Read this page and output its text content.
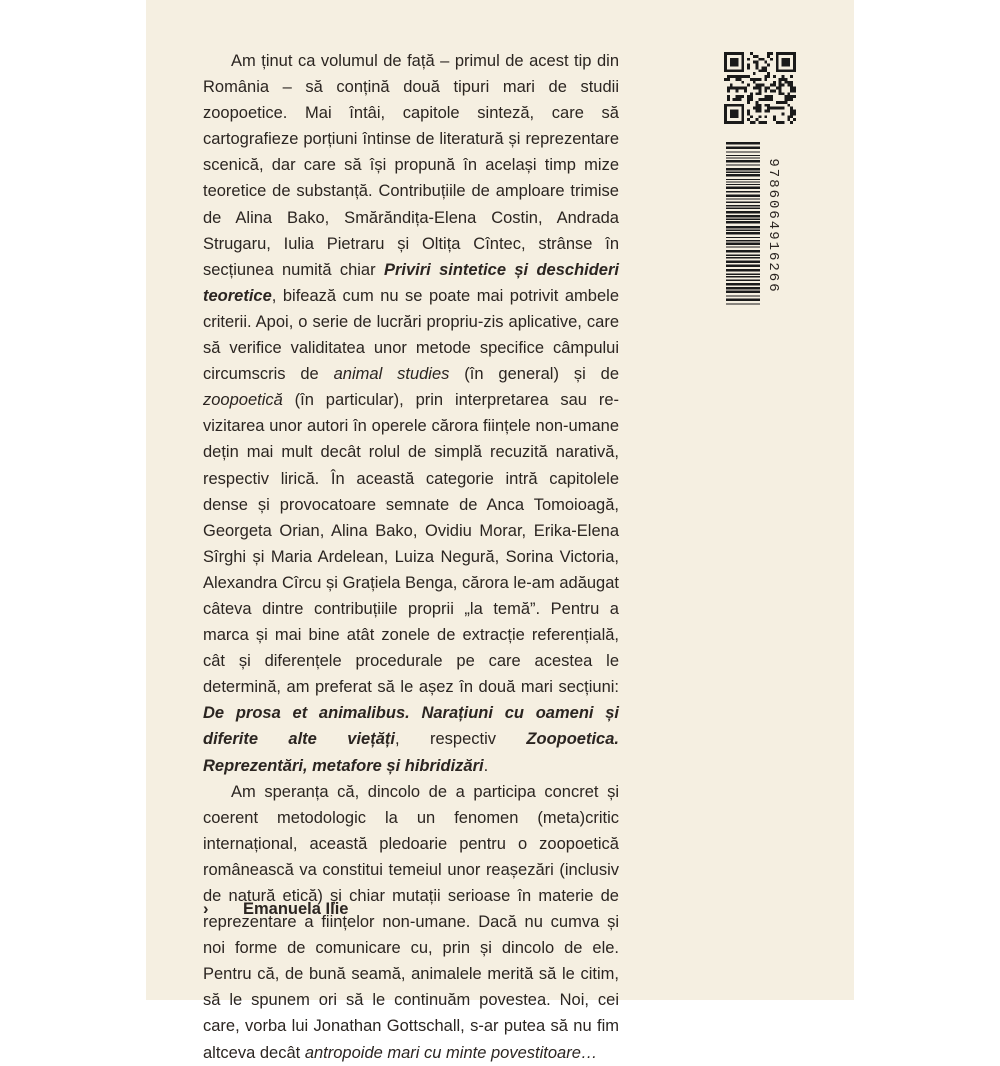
Am ținut ca volumul de față – primul de acest tip din România – să conțină două tipuri mari de studii zoopoetice. Mai întâi, capitole sinteză, care să cartografieze porțiuni întinse de literatură și reprezentare scenică, dar care să își propună în același timp mize teoretice de substanță. Contribuțiile de amploare trimise de Alina Bako, Smărăndița-Elena Costin, Andrada Strugaru, Iulia Pietraru și Oltița Cîntec, strânse în secțiunea numită chiar Priviri sintetice și deschideri teoretice, bifează cum nu se poate mai potrivit ambele criterii. Apoi, o serie de lucrări propriu-zis aplicative, care să verifice validitatea unor metode specifice câmpului circumscris de animal studies (în general) și de zoopoetică (în particular), prin interpretarea sau re-vizitarea unor autori în operele cărora ființele non-umane dețin mai mult decât rolul de simplă recuzită narativă, respectiv lirică. În această categorie intră capitolele dense și provocatoare semnate de Anca Tomoioagă, Georgeta Orian, Alina Bako, Ovidiu Morar, Erika-Elena Sîrghi și Maria Ardelean, Luiza Negură, Sorina Victoria, Alexandra Cîrcu și Grațiela Benga, cărora le-am adăugat câteva dintre contribuțiile proprii „la temă”. Pentru a marca și mai bine atât zonele de extracție referențială, cât și diferențele procedurale pe care acestea le determină, am preferat să le așez în două mari secțiuni: De prosa et animalibus. Narațiuni cu oameni și diferite alte viețăți, respectiv Zoopoetica. Reprezentări, metafore și hibridizări.

Am speranța că, dincolo de a participa concret și coerent metodologic la un fenomen (meta)critic internațional, această pledoarie pentru o zoopoetică românească va constitui temeiul unor reașezări (inclusiv de natură etică) și chiar mutații serioase în materie de reprezentare a ființelor non-umane. Dacă nu cumva și noi forme de comunicare cu, prin și dincolo de ele. Pentru că, de bună seamă, animalele merită să le citim, să le spunem ori să le continuăm povestea. Noi, cei care, vorba lui Jonathan Gottschall, s-ar putea să nu fim altceva decât antropoide mari cu minte povestitoare…

› Emanuela Ilie
9786064916266
